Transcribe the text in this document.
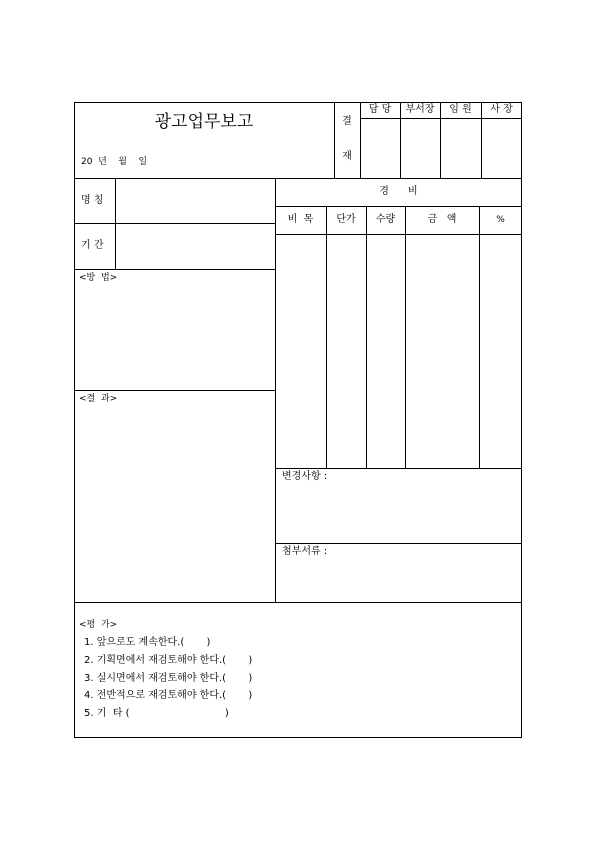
광고업무보고
20  년    월    일
결
재
담 당	부서장	임 원	사 장
명 칭
기 간
<방  법>
<결  과>
경      비
비  목	단가	수량	금   액	%
변경사항 :
첨부서류 :
<평  가>
1. 앞으로도 계속한다.(       )
2. 기획면에서 재검토해야 한다.(       )
3. 실시면에서 재검토해야 한다.(       )
4. 전반적으로 재검토해야 한다.(       )
5. 기  타 (                              )
